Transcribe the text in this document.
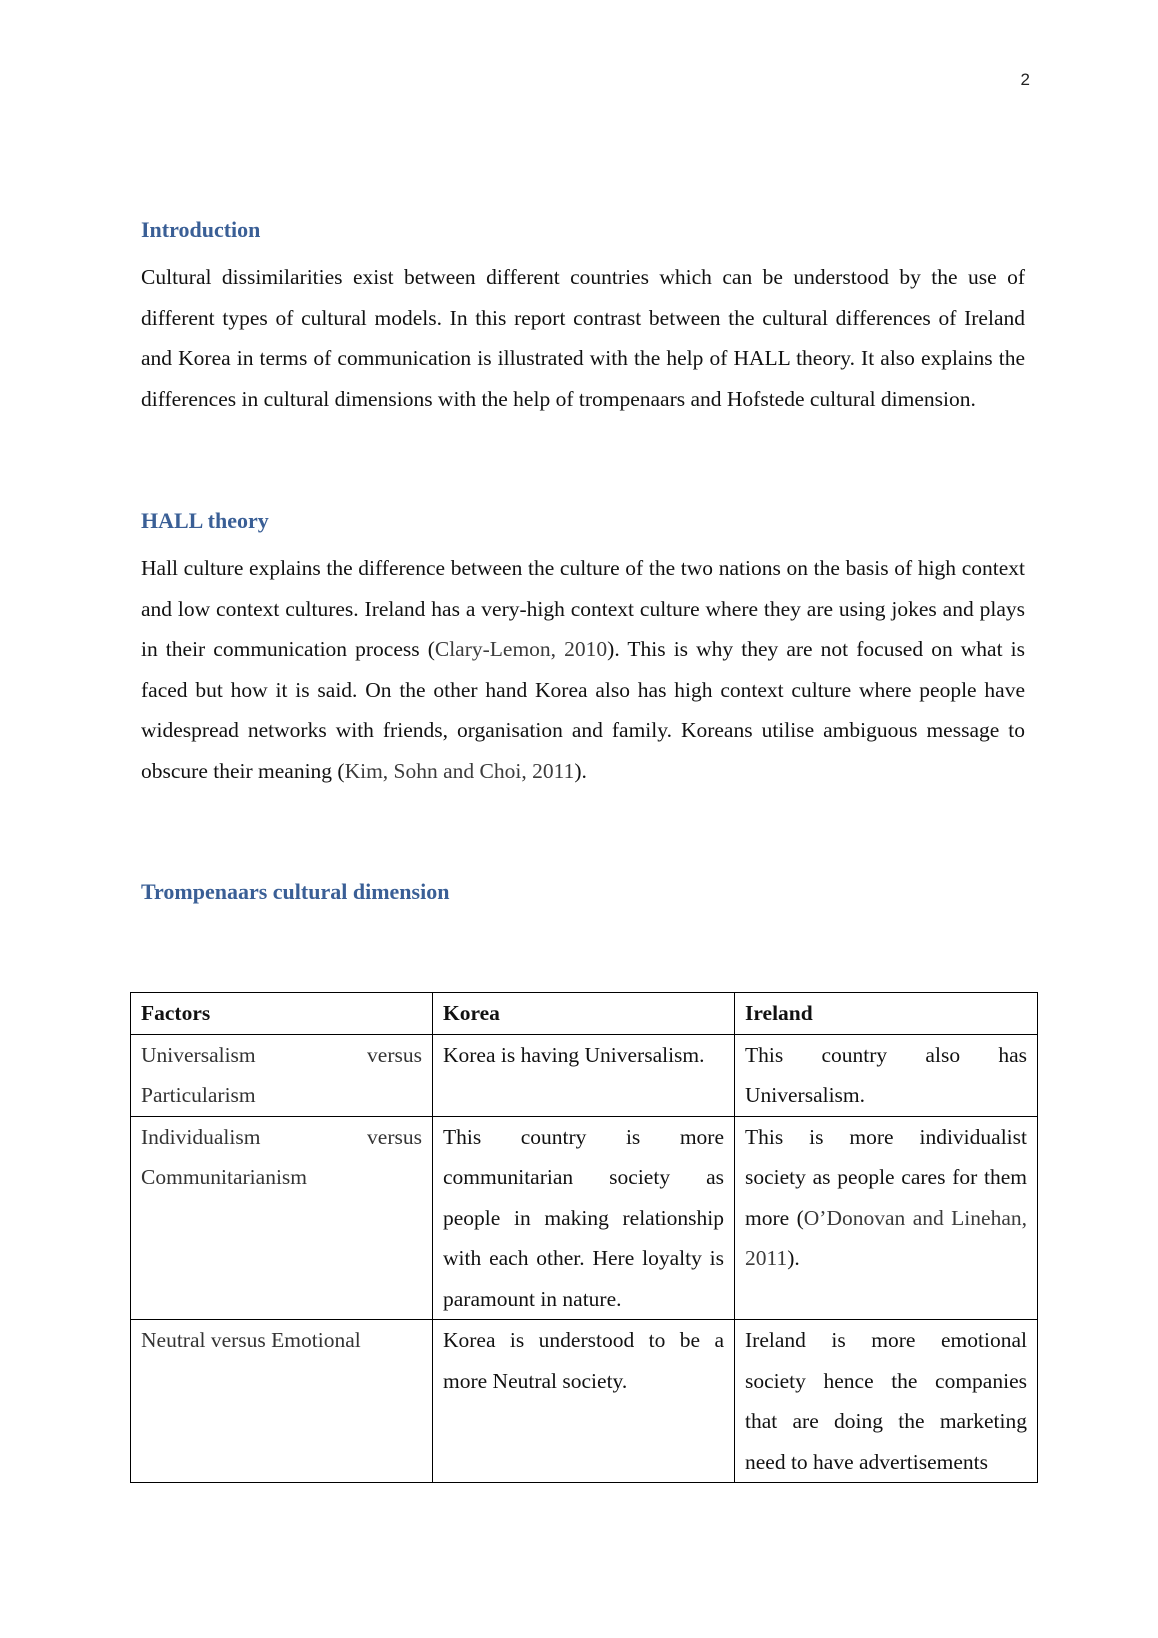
2
Introduction
Cultural dissimilarities exist between different countries which can be understood by the use of different types of cultural models. In this report contrast between the cultural differences of Ireland and Korea in terms of communication is illustrated with the help of HALL theory. It also explains the differences in cultural dimensions with the help of trompenaars and Hofstede cultural dimension.
HALL theory
Hall culture explains the difference between the culture of the two nations on the basis of high context and low context cultures. Ireland has a very-high context culture where they are using jokes and plays in their communication process (Clary-Lemon, 2010). This is why they are not focused on what is faced but how it is said. On the other hand Korea also has high context culture where people have widespread networks with friends, organisation and family. Koreans utilise ambiguous message to obscure their meaning (Kim, Sohn and Choi, 2011).
Trompenaars cultural dimension
Factors	Korea	Ireland
Universalism versus Particularism	Korea is having Universalism.	This country also has Universalism.
Individualism versus Communitarianism	This country is more communitarian society as people in making relationship with each other. Here loyalty is paramount in nature.	This is more individualist society as people cares for them more (O’Donovan and Linehan, 2011).
Neutral versus Emotional	Korea is understood to be a more Neutral society.	Ireland is more emotional society hence the companies that are doing the marketing need to have advertisements
